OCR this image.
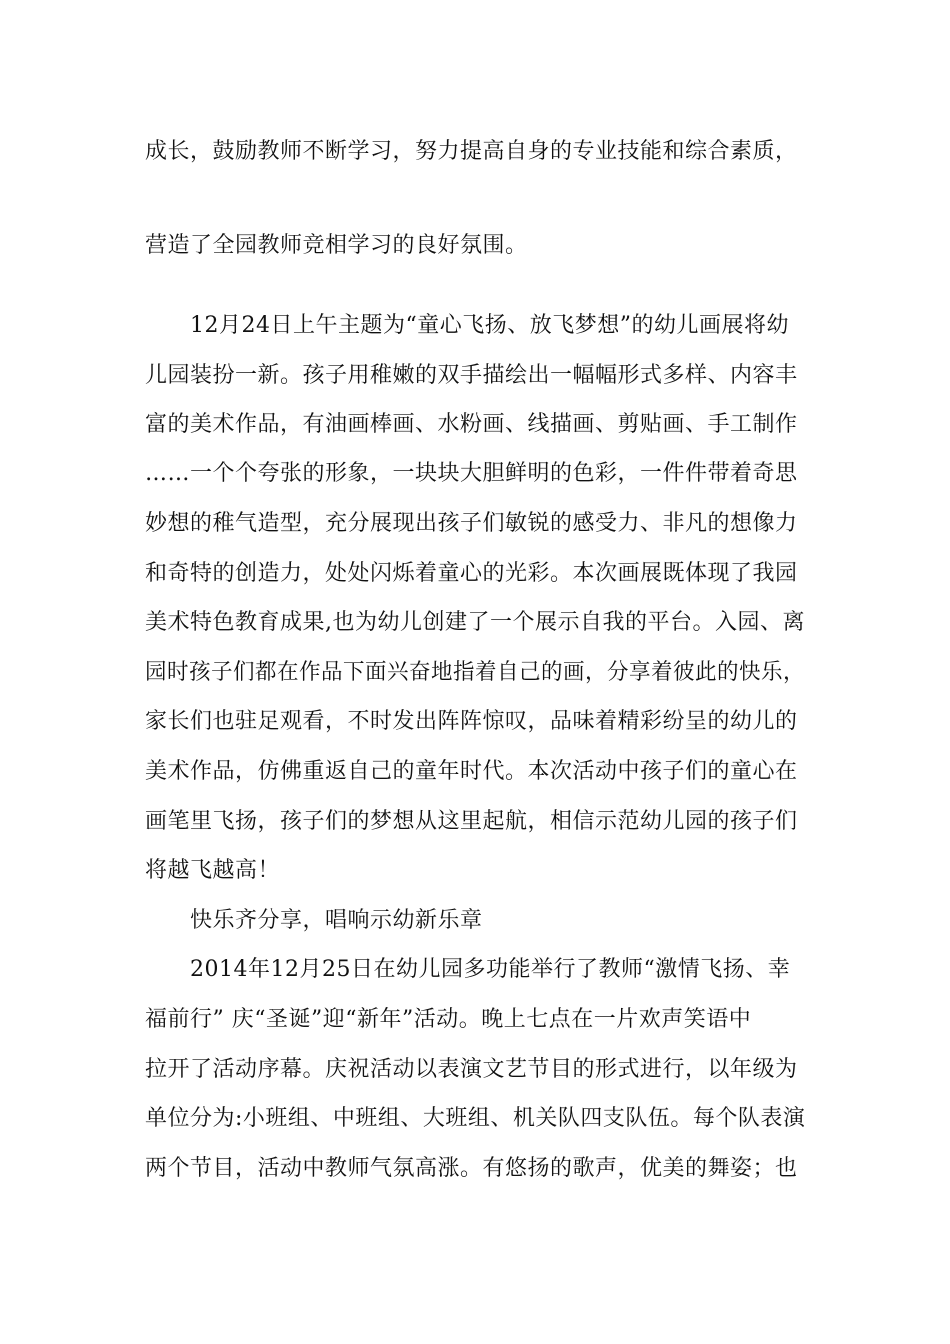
成长，鼓励教师不断学习，努力提高自身的专业技能和综合素质，
营造了全园教师竞相学习的良好氛围。
12月24日上午主题为“童心飞扬、放飞梦想”的幼儿画展将幼
儿园装扮一新。孩子用稚嫩的双手描绘出一幅幅形式多样、内容丰
富的美术作品，有油画棒画、水粉画、线描画、剪贴画、手工制作
……一个个夸张的形象，一块块大胆鲜明的色彩，一件件带着奇思
妙想的稚气造型，充分展现出孩子们敏锐的感受力、非凡的想像力
和奇特的创造力，处处闪烁着童心的光彩。本次画展既体现了我园
美术特色教育成果,也为幼儿创建了一个展示自我的平台。入园、离
园时孩子们都在作品下面兴奋地指着自己的画，分享着彼此的快乐，
家长们也驻足观看，不时发出阵阵惊叹，品味着精彩纷呈的幼儿的
美术作品，仿佛重返自己的童年时代。本次活动中孩子们的童心在
画笔里飞扬，孩子们的梦想从这里起航，相信示范幼儿园的孩子们
将越飞越高！
快乐齐分享，唱响示幼新乐章
2014年12月25日在幼儿园多功能举行了教师“激情飞扬、幸
福前行” 庆“圣诞”迎“新年”活动。晚上七点在一片欢声笑语中
拉开了活动序幕。庆祝活动以表演文艺节目的形式进行，以年级为
单位分为:小班组、中班组、大班组、机关队四支队伍。每个队表演
两个节目，活动中教师气氛高涨。有悠扬的歌声，优美的舞姿；也
